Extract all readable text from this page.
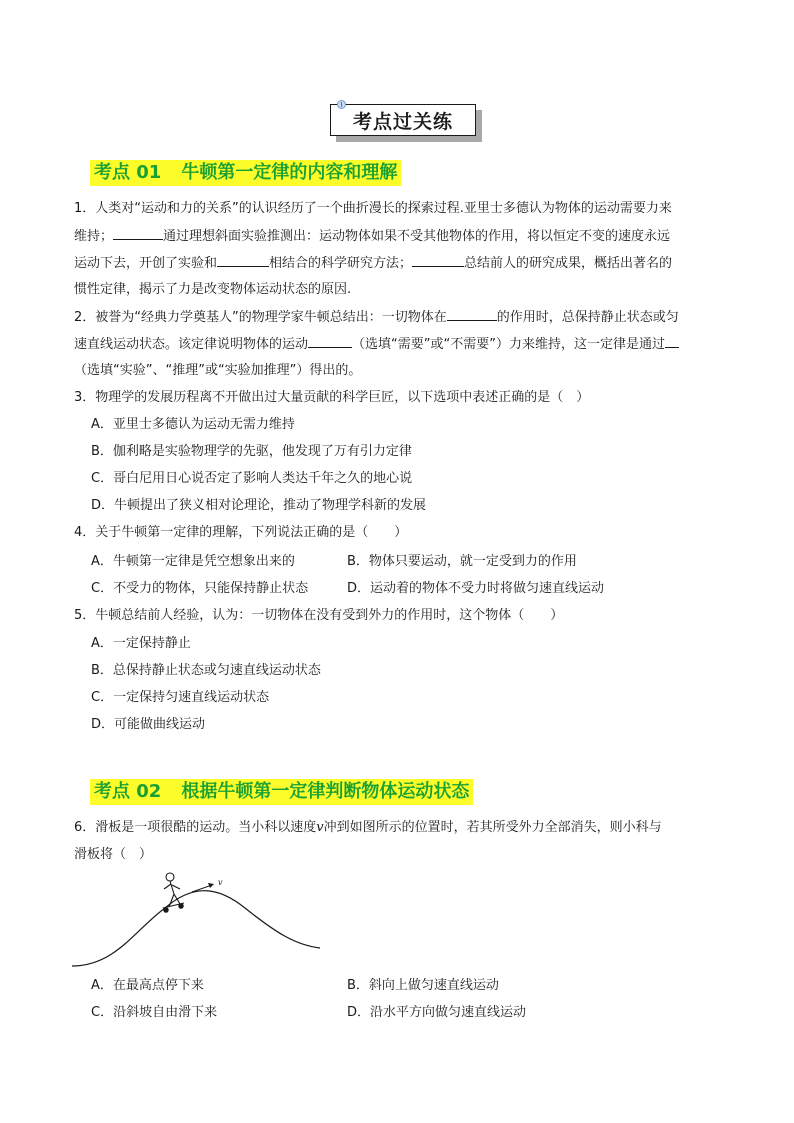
考点过关练
考点 01 牛顿第一定律的内容和理解
1．人类对“运动和力的关系”的认识经历了一个曲折漫长的探索过程.亚里士多德认为物体的运动需要力来
维持；	通过理想斜面实验推测出：运动物体如果不受其他物体的作用，将以恒定不变的速度永远
运动下去，开创了实验和	相结合的科学研究方法；	总结前人的研究成果，概括出著名的
惯性定律，揭示了力是改变物体运动状态的原因.
2．被誉为“经典力学奠基人”的物理学家牛顿总结出：一切物体在	的作用时，总保持静止状态或匀
速直线运动状态。该定律说明物体的运动	（选填“需要”或“不需要”）力来维持，这一定律是通过
（选填“实验”、“推理”或“实验加推理”）得出的。
3．物理学的发展历程离不开做出过大量贡献的科学巨匠，以下选项中表述正确的是（　）
A．亚里士多德认为运动无需力维持
B．伽利略是实验物理学的先驱，他发现了万有引力定律
C．哥白尼用日心说否定了影响人类达千年之久的地心说
D．牛顿提出了狭义相对论理论，推动了物理学科新的发展
4．关于牛顿第一定律的理解，下列说法正确的是（　　）
A．牛顿第一定律是凭空想象出来的	B．物体只要运动，就一定受到力的作用
C．不受力的物体，只能保持静止状态	D．运动着的物体不受力时将做匀速直线运动
5．牛顿总结前人经验，认为：一切物体在没有受到外力的作用时，这个物体（　　）
A．一定保持静止
B．总保持静止状态或匀速直线运动状态
C．一定保持匀速直线运动状态
D．可能做曲线运动
考点 02 根据牛顿第一定律判断物体运动状态
6．滑板是一项很酷的运动。当小科以速度v冲到如图所示的位置时，若其所受外力全部消失，则小科与
滑板将（　）
v
A．在最高点停下来	B．斜向上做匀速直线运动
C．沿斜坡自由滑下来	D．沿水平方向做匀速直线运动
